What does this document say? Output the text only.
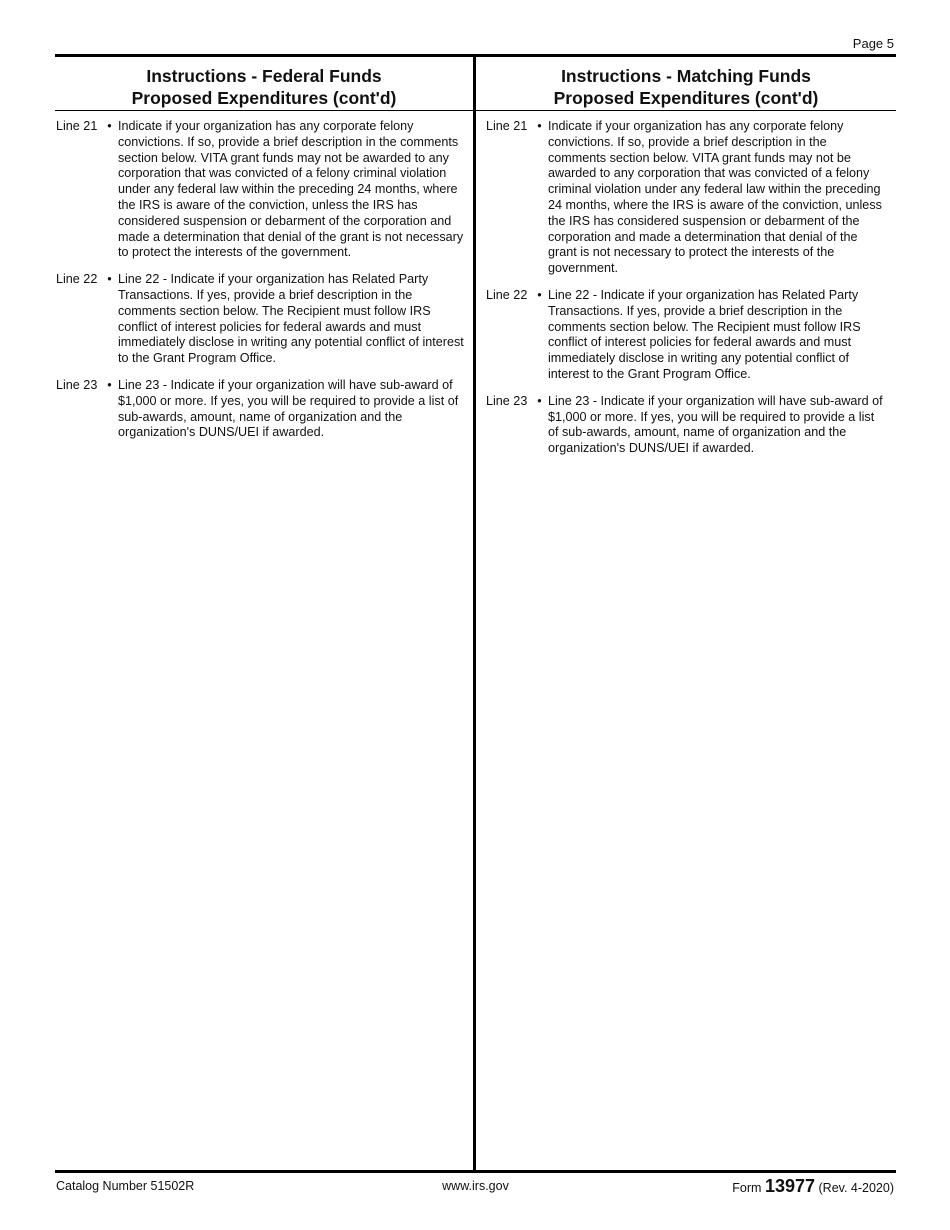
Page 5
Instructions - Federal Funds
Proposed Expenditures (cont'd)
Line 21 • Indicate if your organization has any corporate felony convictions. If so, provide a brief description in the comments section below. VITA grant funds may not be awarded to any corporation that was convicted of a felony criminal violation under any federal law within the preceding 24 months, where the IRS is aware of the conviction, unless the IRS has considered suspension or debarment of the corporation and made a determination that denial of the grant is not necessary to protect the interests of the government.
Line 22 • Line 22 - Indicate if your organization has Related Party Transactions. If yes, provide a brief description in the comments section below. The Recipient must follow IRS conflict of interest policies for federal awards and must immediately disclose in writing any potential conflict of interest to the Grant Program Office.
Line 23 • Line 23 - Indicate if your organization will have sub-award of $1,000 or more. If yes, you will be required to provide a list of sub-awards, amount, name of organization and the organization's DUNS/UEI if awarded.
Instructions - Matching Funds
Proposed Expenditures (cont'd)
Line 21 • Indicate if your organization has any corporate felony convictions. If so, provide a brief description in the comments section below. VITA grant funds may not be awarded to any corporation that was convicted of a felony criminal violation under any federal law within the preceding 24 months, where the IRS is aware of the conviction, unless the IRS has considered suspension or debarment of the corporation and made a determination that denial of the grant is not necessary to protect the interests of the government.
Line 22 • Line 22 - Indicate if your organization has Related Party Transactions. If yes, provide a brief description in the comments section below. The Recipient must follow IRS conflict of interest policies for federal awards and must immediately disclose in writing any potential conflict of interest to the Grant Program Office.
Line 23 • Line 23 - Indicate if your organization will have sub-award of $1,000 or more. If yes, you will be required to provide a list of sub-awards, amount, name of organization and the organization's DUNS/UEI if awarded.
Catalog Number 51502R	www.irs.gov	Form 13977 (Rev. 4-2020)
